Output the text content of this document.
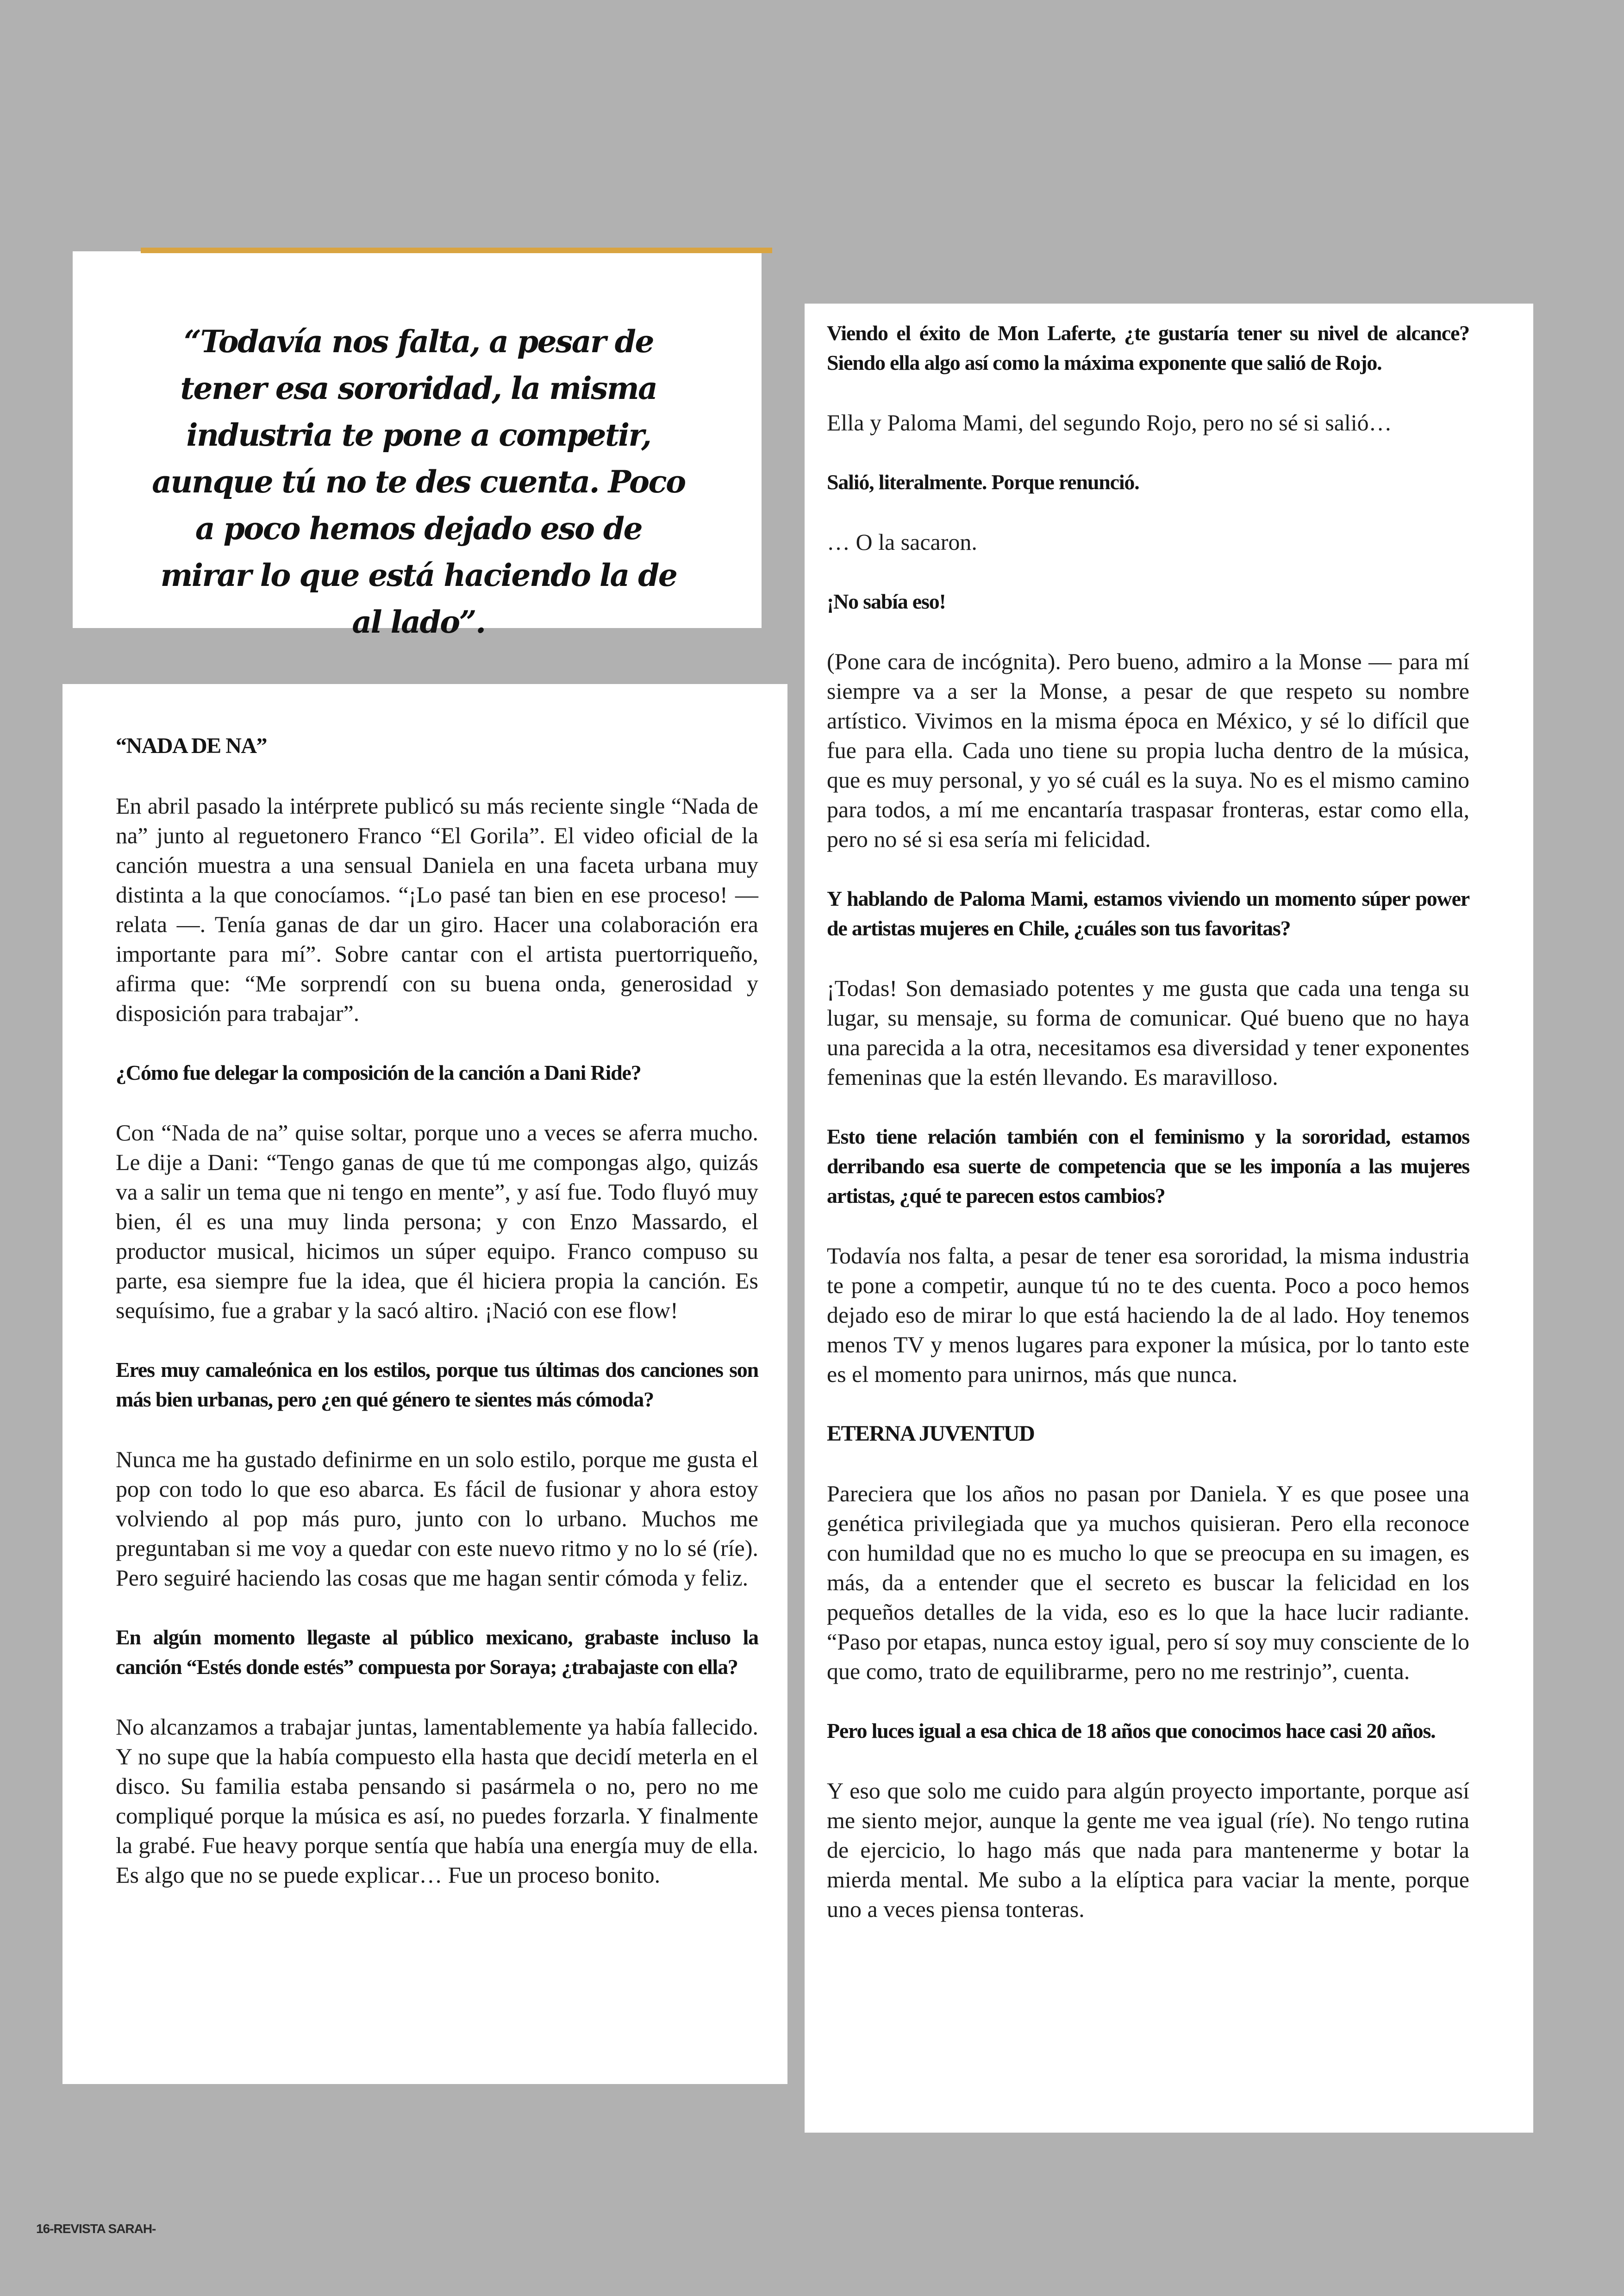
“Todavía nos falta, a pesar de tener esa sororidad, la misma industria te pone a competir, aunque tú no te des cuenta. Poco a poco hemos dejado eso de mirar lo que está haciendo la de al lado”.

“NADA DE NA”

En abril pasado la intérprete publicó su más reciente single “Nada de na” junto al reguetonero Franco “El Gorila”. El video oficial de la canción muestra a una sensual Daniela en una faceta urbana muy distinta a la que conocíamos. “¡Lo pasé tan bien en ese proceso! — relata —. Tenía ganas de dar un giro. Hacer una colaboración era importante para mí”. Sobre cantar con el artista puertorriqueño, afirma que: “Me sorprendí con su buena onda, generosidad y disposición para trabajar”.

¿Cómo fue delegar la composición de la canción a Dani Ride?

Con “Nada de na” quise soltar, porque uno a veces se aferra mucho. Le dije a Dani: “Tengo ganas de que tú me compongas algo, quizás va a salir un tema que ni tengo en mente”, y así fue. Todo fluyó muy bien, él es una muy linda persona; y con Enzo Massardo, el productor musical, hicimos un súper equipo. Franco compuso su parte, esa siempre fue la idea, que él hiciera propia la canción. Es sequísimo, fue a grabar y la sacó altiro. ¡Nació con ese flow!

Eres muy camaleónica en los estilos, porque tus últimas dos canciones son más bien urbanas, pero ¿en qué género te sientes más cómoda?

Nunca me ha gustado definirme en un solo estilo, porque me gusta el pop con todo lo que eso abarca. Es fácil de fusionar y ahora estoy volviendo al pop más puro, junto con lo urbano. Muchos me preguntaban si me voy a quedar con este nuevo ritmo y no lo sé (ríe). Pero seguiré haciendo las cosas que me hagan sentir cómoda y feliz.

En algún momento llegaste al público mexicano, grabaste incluso la canción “Estés donde estés” compuesta por Soraya; ¿trabajaste con ella?

No alcanzamos a trabajar juntas, lamentablemente ya había fallecido. Y no supe que la había compuesto ella hasta que decidí meterla en el disco. Su familia estaba pensando si pasármela o no, pero no me compliqué porque la música es así, no puedes forzarla. Y finalmente la grabé. Fue heavy porque sentía que había una energía muy de ella. Es algo que no se puede explicar… Fue un proceso bonito.

Viendo el éxito de Mon Laferte, ¿te gustaría tener su nivel de alcance? Siendo ella algo así como la máxima exponente que salió de Rojo.

Ella y Paloma Mami, del segundo Rojo, pero no sé si salió…

Salió, literalmente. Porque renunció.

… O la sacaron.

¡No sabía eso!

(Pone cara de incógnita). Pero bueno, admiro a la Monse — para mí siempre va a ser la Monse, a pesar de que respeto su nombre artístico. Vivimos en la misma época en México, y sé lo difícil que fue para ella. Cada uno tiene su propia lucha dentro de la música, que es muy personal, y yo sé cuál es la suya. No es el mismo camino para todos, a mí me encantaría traspasar fronteras, estar como ella, pero no sé si esa sería mi felicidad.

Y hablando de Paloma Mami, estamos viviendo un momento súper power de artistas mujeres en Chile, ¿cuáles son tus favoritas?

¡Todas! Son demasiado potentes y me gusta que cada una tenga su lugar, su mensaje, su forma de comunicar. Qué bueno que no haya una parecida a la otra, necesitamos esa diversidad y tener exponentes femeninas que la estén llevando. Es maravilloso.

Esto tiene relación también con el feminismo y la sororidad, estamos derribando esa suerte de competencia que se les imponía a las mujeres artistas, ¿qué te parecen estos cambios?

Todavía nos falta, a pesar de tener esa sororidad, la misma industria te pone a competir, aunque tú no te des cuenta. Poco a poco hemos dejado eso de mirar lo que está haciendo la de al lado. Hoy tenemos menos TV y menos lugares para exponer la música, por lo tanto este es el momento para unirnos, más que nunca.

ETERNA JUVENTUD

Pareciera que los años no pasan por Daniela. Y es que posee una genética privilegiada que ya muchos quisieran. Pero ella reconoce con humildad que no es mucho lo que se preocupa en su imagen, es más, da a entender que el secreto es buscar la felicidad en los pequeños detalles de la vida, eso es lo que la hace lucir radiante. “Paso por etapas, nunca estoy igual, pero sí soy muy consciente de lo que como, trato de equilibrarme, pero no me restrinjo”, cuenta.

Pero luces igual a esa chica de 18 años que conocimos hace casi 20 años.

Y eso que solo me cuido para algún proyecto importante, porque así me siento mejor, aunque la gente me vea igual (ríe). No tengo rutina de ejercicio, lo hago más que nada para mantenerme y botar la mierda mental. Me subo a la elíptica para vaciar la mente, porque uno a veces piensa tonteras.

16-REVISTA SARAH-
